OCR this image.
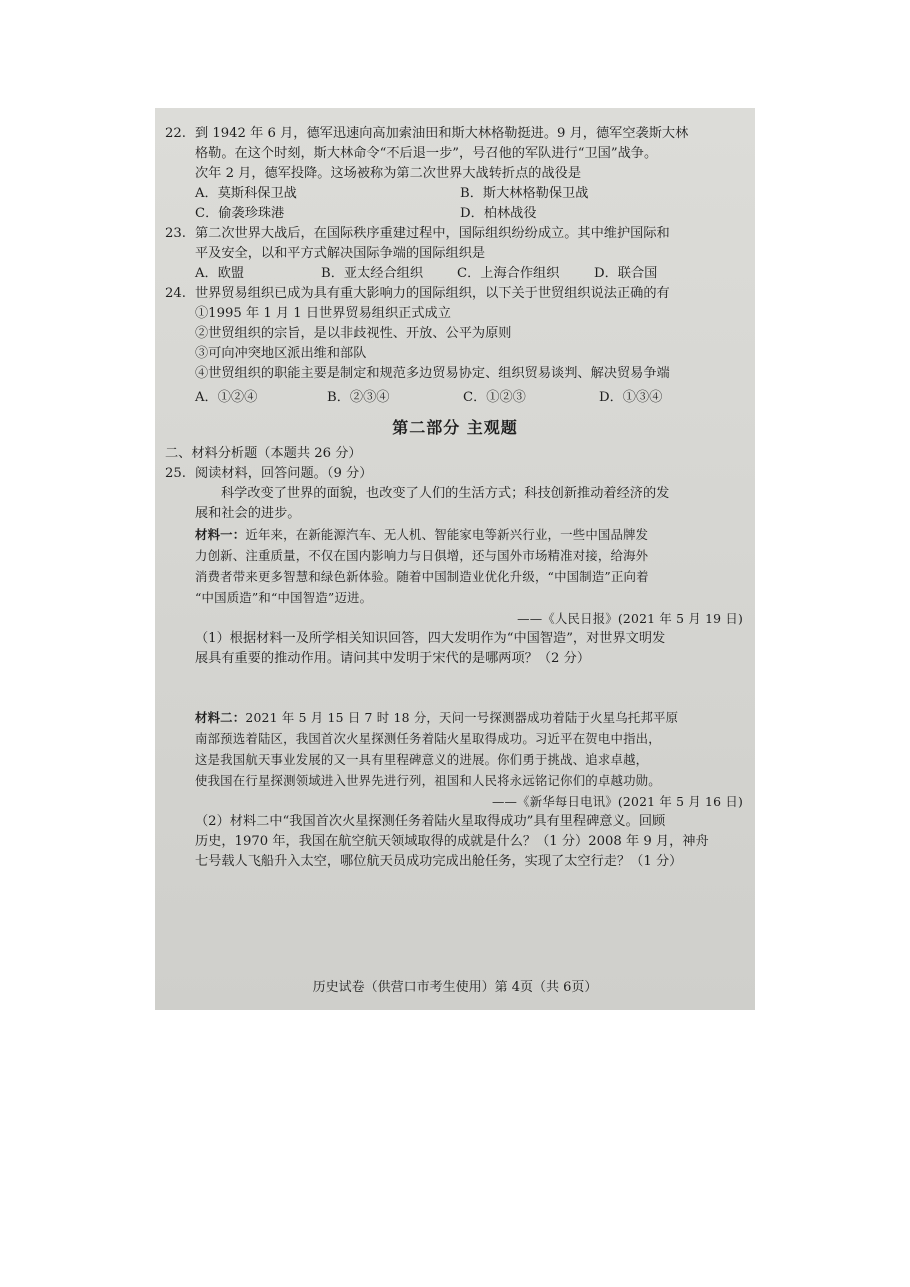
22. 到 1942 年 6 月，德军迅速向高加索油田和斯大林格勒挺进。9 月，德军空袭斯大林
格勒。在这个时刻，斯大林命令“不后退一步”，号召他的军队进行“卫国”战争。
次年 2 月，德军投降。这场被称为第二次世界大战转折点的战役是
A．莫斯科保卫战	B．斯大林格勒保卫战
C．偷袭珍珠港	D．柏林战役
23. 第二次世界大战后，在国际秩序重建过程中，国际组织纷纷成立。其中维护国际和
平及安全，以和平方式解决国际争端的国际组织是
A．欧盟	B．亚太经合组织	C．上海合作组织	D．联合国
24. 世界贸易组织已成为具有重大影响力的国际组织，以下关于世贸组织说法正确的有
①1995 年 1 月 1 日世界贸易组织正式成立
②世贸组织的宗旨，是以非歧视性、开放、公平为原则
③可向冲突地区派出维和部队
④世贸组织的职能主要是制定和规范多边贸易协定、组织贸易谈判、解决贸易争端
A．①②④	B．②③④	C．①②③	D．①③④
第二部分 主观题
二、材料分析题（本题共 26 分）
25. 阅读材料，回答问题。（9 分）
科学改变了世界的面貌，也改变了人们的生活方式；科技创新推动着经济的发
展和社会的进步。
材料一：近年来，在新能源汽车、无人机、智能家电等新兴行业，一些中国品牌发
力创新、注重质量，不仅在国内影响力与日俱增，还与国外市场精准对接，给海外
消费者带来更多智慧和绿色新体验。随着中国制造业优化升级，“中国制造”正向着
“中国质造”和“中国智造”迈进。
——《人民日报》(2021 年 5 月 19 日)
（1）根据材料一及所学相关知识回答，四大发明作为“中国智造”，对世界文明发
展具有重要的推动作用。请问其中发明于宋代的是哪两项？（2 分）
材料二：2021 年 5 月 15 日 7 时 18 分，天问一号探测器成功着陆于火星乌托邦平原
南部预选着陆区，我国首次火星探测任务着陆火星取得成功。习近平在贺电中指出，
这是我国航天事业发展的又一具有里程碑意义的进展。你们勇于挑战、追求卓越，
使我国在行星探测领域进入世界先进行列，祖国和人民将永远铭记你们的卓越功勋。
——《新华每日电讯》(2021 年 5 月 16 日)
（2）材料二中“我国首次火星探测任务着陆火星取得成功”具有里程碑意义。回顾
历史，1970 年，我国在航空航天领域取得的成就是什么？（1 分）2008 年 9 月，神舟
七号载人飞船升入太空，哪位航天员成功完成出舱任务，实现了太空行走？（1 分）
历史试卷（供营口市考生使用）第 4页（共 6页）
